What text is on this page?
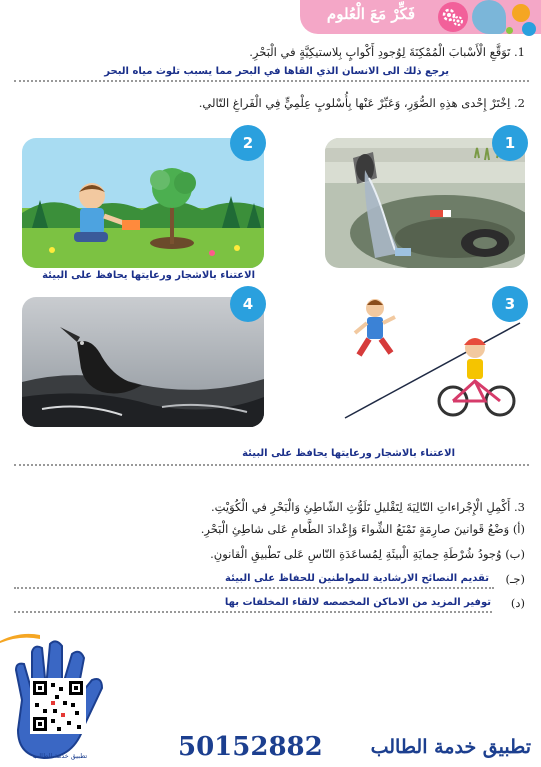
فَكِّرْ مَعَ الْعُلوم
1. تَوَقَّعِ الْأَسْبابَ الْمُمْكِنَةَ لِوُجودِ أَكْوابٍ بِلاستيكِيَّةٍ في الْبَحْرِ.
يرجع ذلك الى الانسان الذي القاها في البحر مما يسبب تلوث مياه البحر
2. اِخْتَرْ إِحْدى هذِهِ الصُّوَرِ، وَعَبِّرْ عَنْها بِأُسْلوبٍ عِلْمِيٍّ فِي الْفَراغِ التّالي.
1
2
الاعتناء بالاشجار ورعايتها يحافظ على البيئة
3
4
الاعتناء بالاشجار ورعايتها يحافظ على البيئة
3. أَكْمِلِ الْإِجْراءاتِ التّالِيَةَ لِتَقْليلِ تَلَوُّثِ الشّاطِئِ وَالْبَحْرِ في الْكُوَيْتِ.
(أ) وَضْعُ قَوانينَ صارِمَةٍ تَمْنَعُ الشِّواءَ وَإِعْدادَ الطَّعامِ عَلى شاطِئِ الْبَحْرِ.
(ب) وُجودُ شُرْطَةِ حِمايَةِ الْبيئَةِ لِمُساعَدَةِ النّاسِ عَلى تَطْبيقِ الْقانونِ.
(جـ)
تقديم النصائح الارشادية للمواطنين للحفاظ على البيئة
(د)
توفير المزيد من الاماكن المخصصه لالقاء المخلفات بها
تطبيق خدمة الطالب	تطبيق خدمة الطالب
50152882
